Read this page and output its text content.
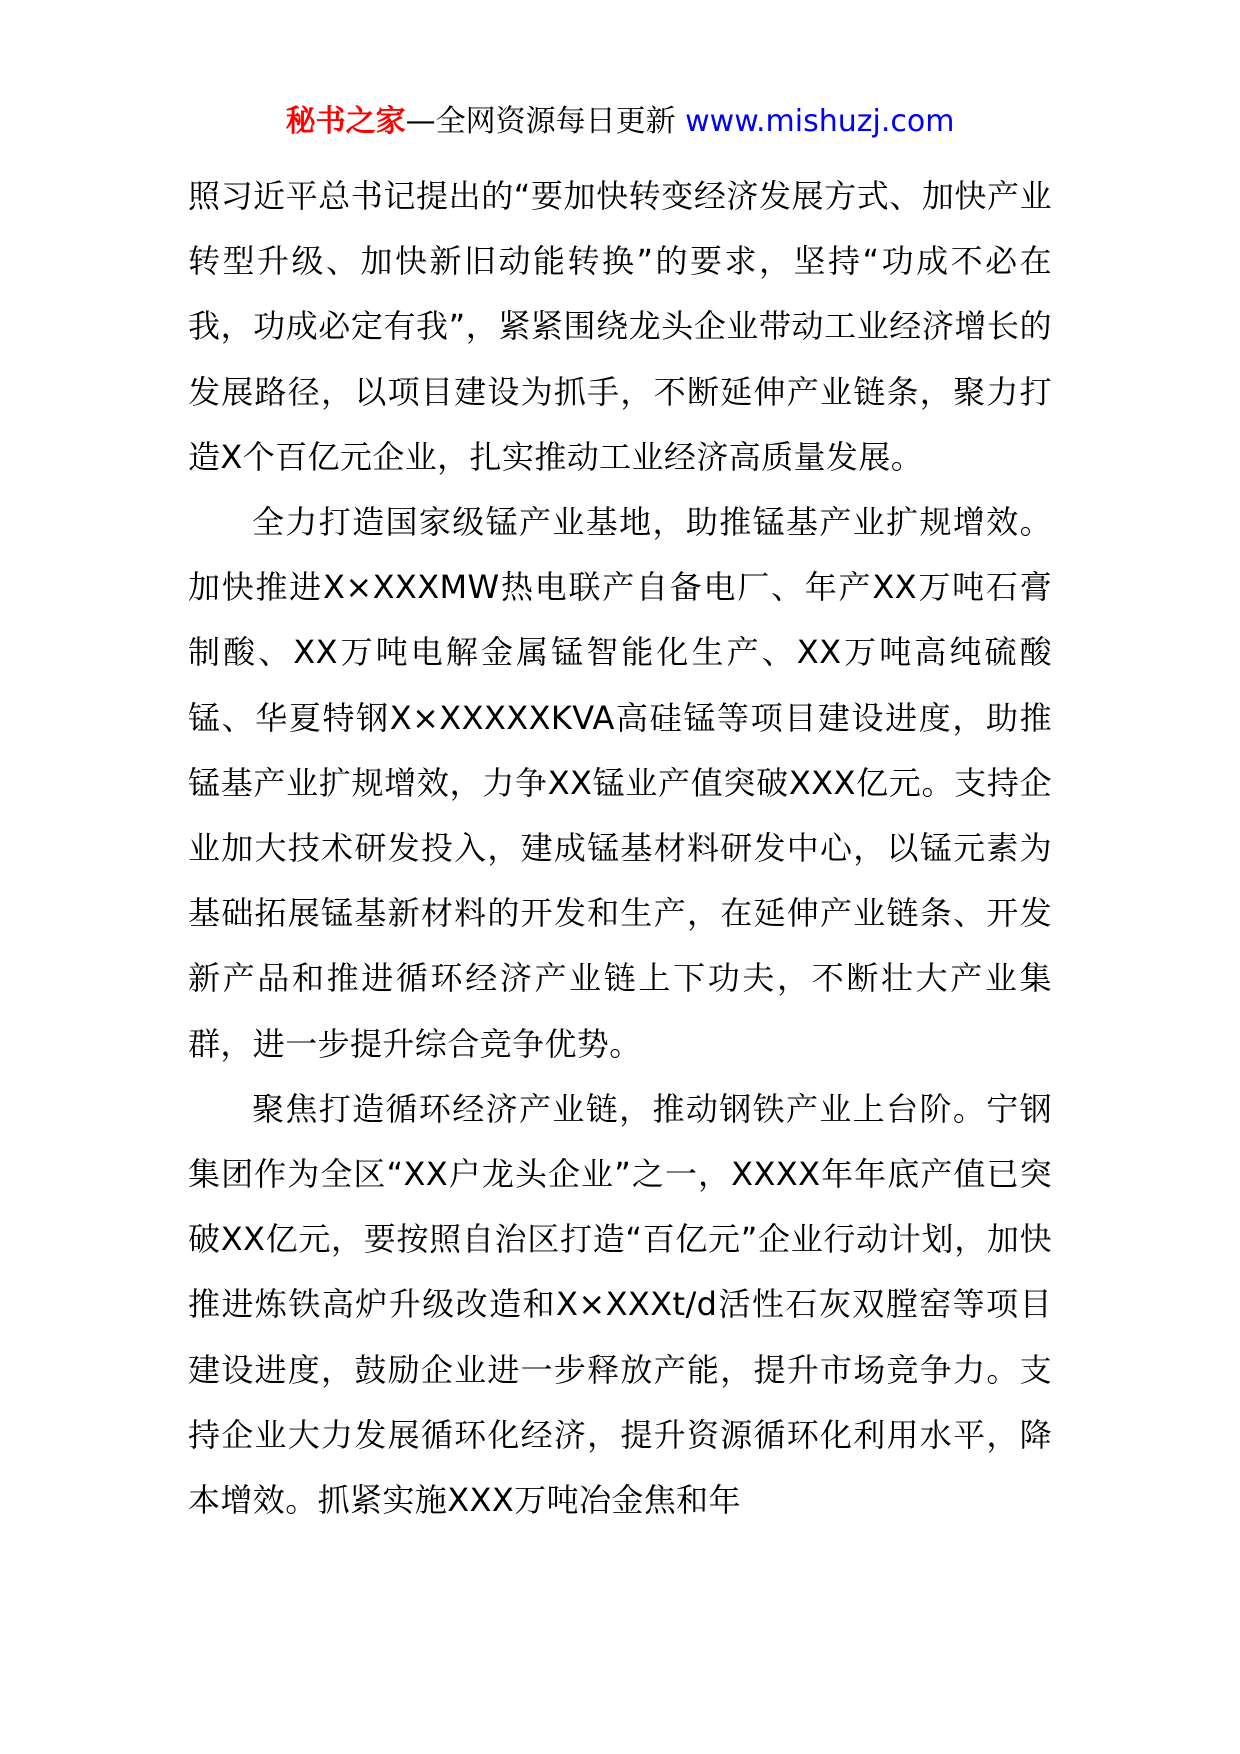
秘书之家—全网资源每日更新 www.mishuzj.com

照习近平总书记提出的“要加快转变经济发展方式、加快产业转型升级、加快新旧动能转换”的要求，坚持“功成不必在我，功成必定有我”，紧紧围绕龙头企业带动工业经济增长的发展路径，以项目建设为抓手，不断延伸产业链条，聚力打造X个百亿元企业，扎实推动工业经济高质量发展。

全力打造国家级锰产业基地，助推锰基产业扩规增效。加快推进X×XXXMW热电联产自备电厂、年产XX万吨石膏制酸、XX万吨电解金属锰智能化生产、XX万吨高纯硫酸锰、华夏特钢X×XXXXXKVA高硅锰等项目建设进度，助推锰基产业扩规增效，力争XX锰业产值突破XXX亿元。支持企业加大技术研发投入，建成锰基材料研发中心，以锰元素为基础拓展锰基新材料的开发和生产，在延伸产业链条、开发新产品和推进循环经济产业链上下功夫，不断壮大产业集群，进一步提升综合竞争优势。

聚焦打造循环经济产业链，推动钢铁产业上台阶。宁钢集团作为全区“XX户龙头企业”之一，XXXX年年底产值已突破XX亿元，要按照自治区打造“百亿元”企业行动计划，加快推进炼铁高炉升级改造和X×XXXt/d活性石灰双膛窑等项目建设进度，鼓励企业进一步释放产能，提升市场竞争力。支持企业大力发展循环化经济，提升资源循环化利用水平，降本增效。抓紧实施XXX万吨冶金焦和年
